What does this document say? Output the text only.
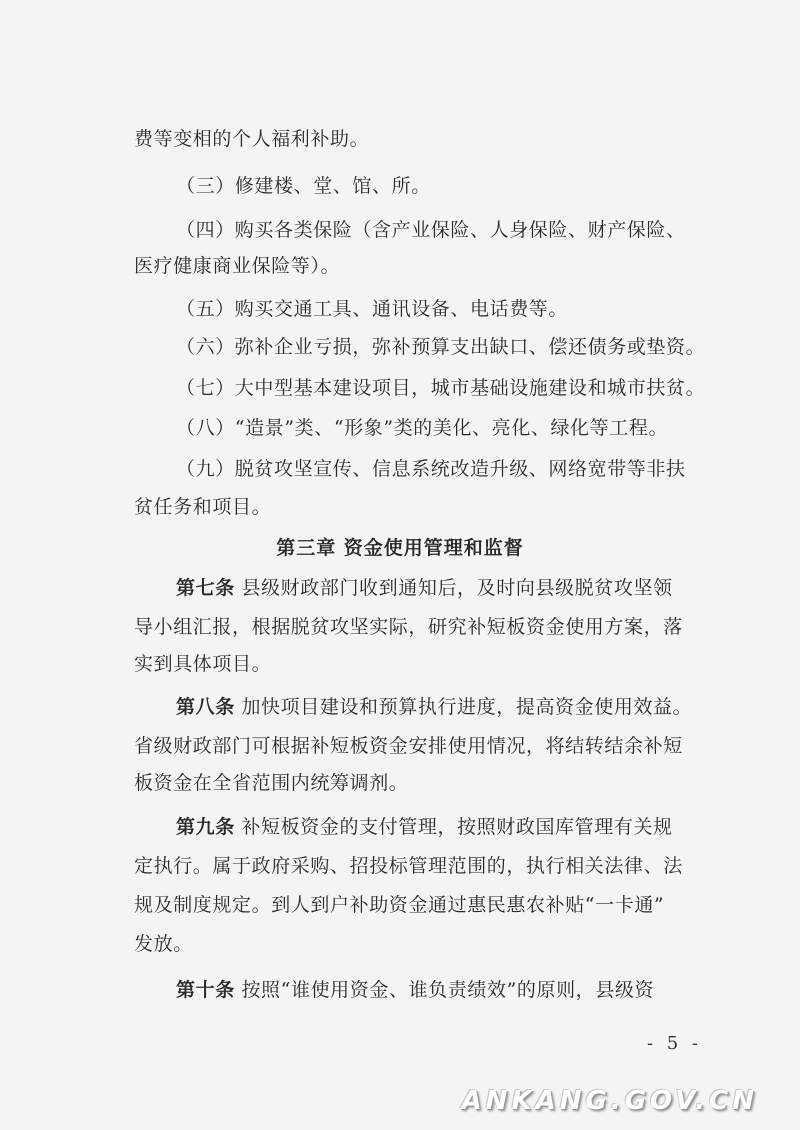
费等变相的个人福利补助。
（三）修建楼、堂、馆、所。
（四）购买各类保险（含产业保险、人身保险、财产保险、
医疗健康商业保险等）。
（五）购买交通工具、通讯设备、电话费等。
（六）弥补企业亏损，弥补预算支出缺口、偿还债务或垫资。
（七）大中型基本建设项目，城市基础设施建设和城市扶贫。
（八）“造景”类、“形象”类的美化、亮化、绿化等工程。
（九）脱贫攻坚宣传、信息系统改造升级、网络宽带等非扶
贫任务和项目。
第三章 资金使用管理和监督
第七条 县级财政部门收到通知后，及时向县级脱贫攻坚领
导小组汇报，根据脱贫攻坚实际，研究补短板资金使用方案，落
实到具体项目。
第八条 加快项目建设和预算执行进度，提高资金使用效益。
省级财政部门可根据补短板资金安排使用情况，将结转结余补短
板资金在全省范围内统筹调剂。
第九条 补短板资金的支付管理，按照财政国库管理有关规
定执行。属于政府采购、招投标管理范围的，执行相关法律、法
规及制度规定。到人到户补助资金通过惠民惠农补贴“一卡通”
发放。
第十条 按照“谁使用资金、谁负责绩效”的原则，县级资
- 5 -
ANKANG.GOV.CN
